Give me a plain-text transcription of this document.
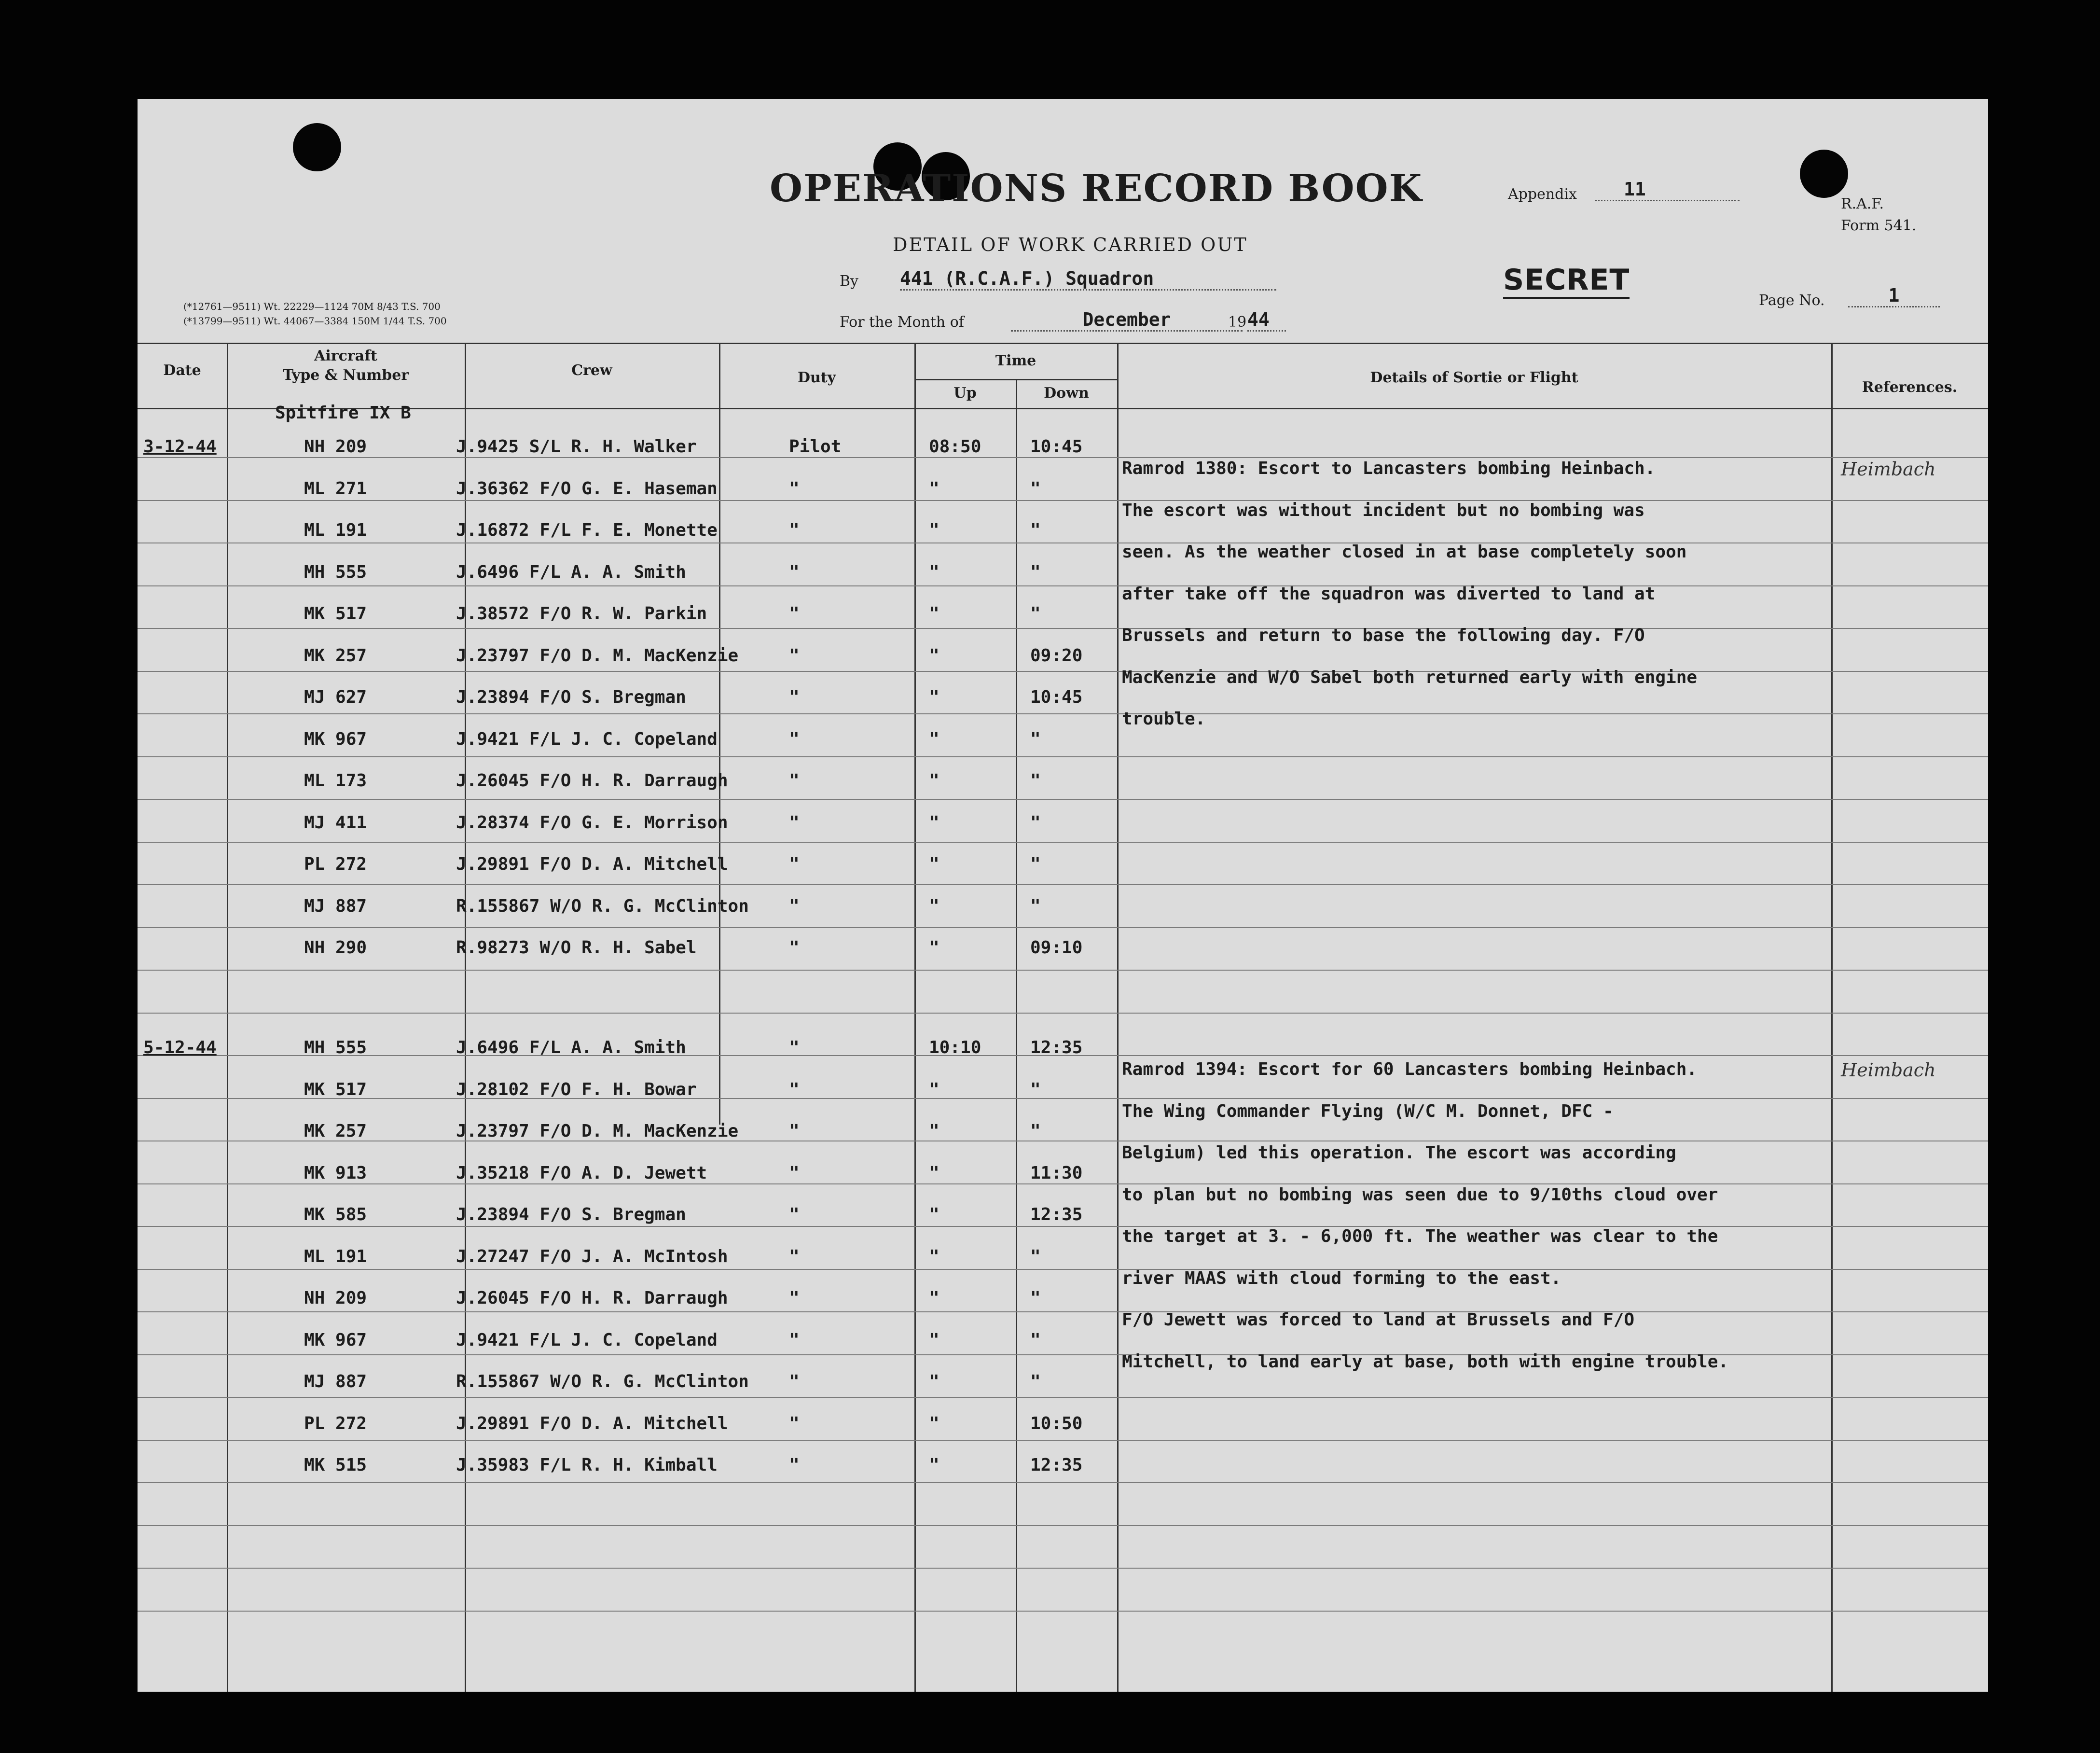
OPERATIONS RECORD BOOK
DETAIL OF WORK CARRIED OUT
By 441 (R.C.A.F.) Squadron
For the Month of	December	19 44
Appendix	11
R.A.F.
Form 541.
SECRET
Page No.	1
(*12761—9511) Wt. 22229—1124 70M 8/43 T.S. 700
(*13799—9511) Wt. 44067—3384 150M 1/44 T.S. 700
Date
Aircraft
Type & Number	Crew	Duty
Time
Up	Down
Details of Sortie or Flight
References.
3-12-44	NH 209	J.9425 S/L R. H. Walker	Pilot	08:50	10:45
ML 271	J.36362 F/O G. E. Haseman	"	"	"
ML 191	J.16872 F/L F. E. Monette	"	"	"
MH 555	J.6496 F/L A. A. Smith	"	"	"
MK 517	J.38572 F/O R. W. Parkin	"	"	"
MK 257	J.23797 F/O D. M. MacKenzie	"	"	09:20
MJ 627	J.23894 F/O S. Bregman	"	"	10:45
MK 967	J.9421 F/L J. C. Copeland	"	"	"
ML 173	J.26045 F/O H. R. Darraugh	"	"	"
MJ 411	J.28374 F/O G. E. Morrison	"	"	"
PL 272	J.29891 F/O D. A. Mitchell	"	"	"
MJ 887	R.155867 W/O R. G. McClinton "	"	"
NH 290	R.98273 W/O R. H. Sabel	"	"	09:10
5-12-44	MH 555	J.6496 F/L A. A. Smith	"	10:10	12:35
MK 517	J.28102 F/O F. H. Bowar	"	"	"
MK 257	J.23797 F/O D. M. MacKenzie	"	"	"
MK 913	J.35218 F/O A. D. Jewett	"	"	11:30
MK 585	J.23894 F/O S. Bregman	"	"	12:35
ML 191	J.27247 F/O J. A. McIntosh	"	"	"
NH 209	J.26045 F/O H. R. Darraugh	"	"	"
MK 967	J.9421 F/L J. C. Copeland	"	"	"
MJ 887	R.155867 W/O R. G. McClinton "	"	"
PL 272	J.29891 F/O D. A. Mitchell	"	"	10:50
MK 515	J.35983 F/L R. H. Kimball	"	"	12:35
Ramrod 1380: Escort to Lancasters bombing Heinbach.
The escort was without incident but no bombing was
seen. As the weather closed in at base completely soon
after take off the squadron was diverted to land at
Brussels and return to base the following day. F/O
MacKenzie and W/O Sabel both returned early with engine
trouble.
Ramrod 1394: Escort for 60 Lancasters bombing Heinbach.
The Wing Commander Flying (W/C M. Donnet, DFC -
Belgium) led this operation. The escort was according
to plan but no bombing was seen due to 9/10ths cloud over
the target at 3. - 6,000 ft. The weather was clear to the
river MAAS with cloud forming to the east.
F/O Jewett was forced to land at Brussels and F/O
Mitchell, to land early at base, both with engine trouble.
Spitfire IX B
Heimbach
Heimbach
